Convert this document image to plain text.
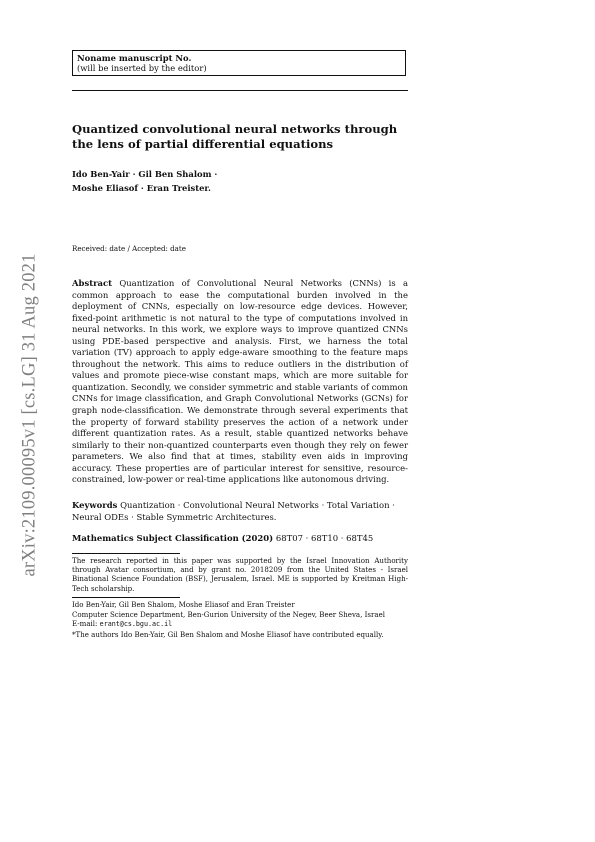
arXiv:2109.00095v1 [cs.LG] 31 Aug 2021
Noname manuscript No.
(will be inserted by the editor)
Quantized convolutional neural networks through
the lens of partial differential equations
Ido Ben-Yair · Gil Ben Shalom ·
Moshe Eliasof · Eran Treister.
Received: date / Accepted: date
Abstract Quantization of Convolutional Neural Networks (CNNs) is a common approach to ease the computational burden involved in the deployment of CNNs, especially on low-resource edge devices. However, fixed-point arithmetic is not natural to the type of computations involved in neural networks. In this work, we explore ways to improve quantized CNNs using PDE-based perspective and analysis. First, we harness the total variation (TV) approach to apply edge-aware smoothing to the feature maps throughout the network. This aims to reduce outliers in the distribution of values and promote piece-wise constant maps, which are more suitable for quantization. Secondly, we consider symmetric and stable variants of common CNNs for image classification, and Graph Convolutional Networks (GCNs) for graph node-classification. We demonstrate through several experiments that the property of forward stability preserves the action of a network under different quantization rates. As a result, stable quantized networks behave similarly to their non-quantized counterparts even though they rely on fewer parameters. We also find that at times, stability even aids in improving accuracy. These properties are of particular interest for sensitive, resource-constrained, low-power or real-time applications like autonomous driving.
Keywords Quantization · Convolutional Neural Networks · Total Variation · Neural ODEs · Stable Symmetric Architectures.
Mathematics Subject Classification (2020) 68T07 · 68T10 · 68T45
The research reported in this paper was supported by the Israel Innovation Authority through Avatar consortium, and by grant no. 2018209 from the United States - Israel Binational Science Foundation (BSF), Jerusalem, Israel. ME is supported by Kreitman High-Tech scholarship.
Ido Ben-Yair, Gil Ben Shalom, Moshe Eliasof and Eran Treister
Computer Science Department, Ben-Gurion University of the Negev, Beer Sheva, Israel
E-mail: erant@cs.bgu.ac.il
*The authors Ido Ben-Yair, Gil Ben Shalom and Moshe Eliasof have contributed equally.
